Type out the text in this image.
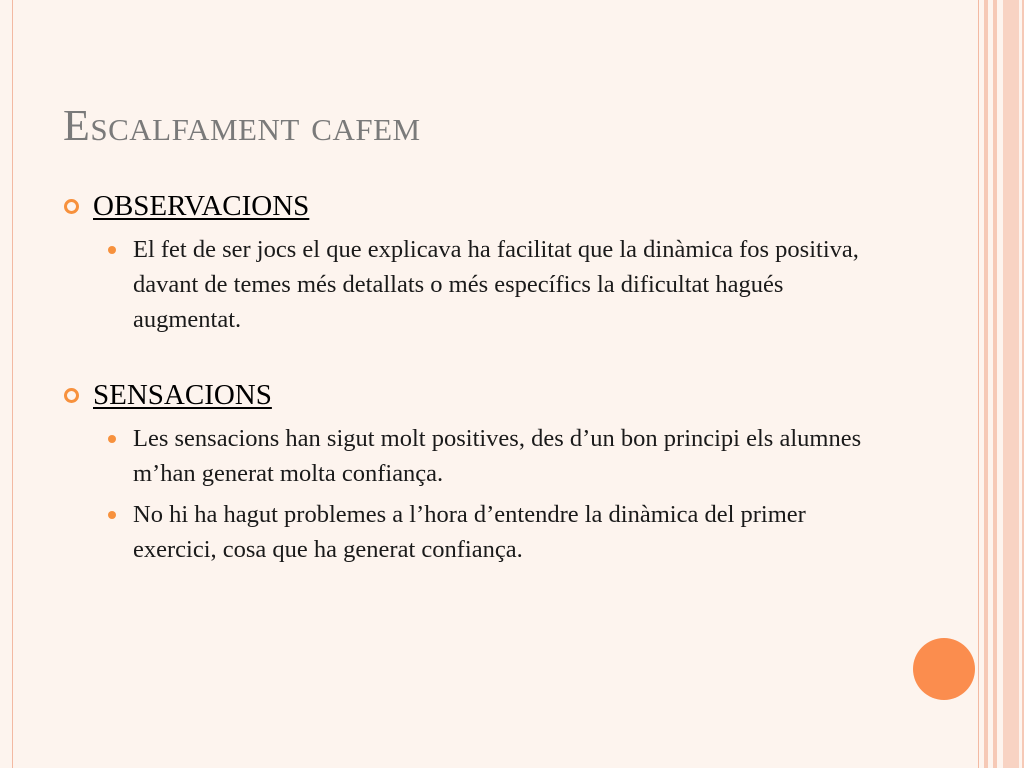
Escalfament cafem
OBSERVACIONS
El fet de ser jocs el que explicava ha facilitat que la dinàmica fos positiva, davant de temes més detallats o més específics la dificultat hagués augmentat.
SENSACIONS
Les sensacions han sigut molt positives, des d’un bon principi els alumnes m’han generat molta confiança.
No hi ha hagut problemes a l’hora d’entendre la dinàmica del primer exercici, cosa que ha generat confiança.
